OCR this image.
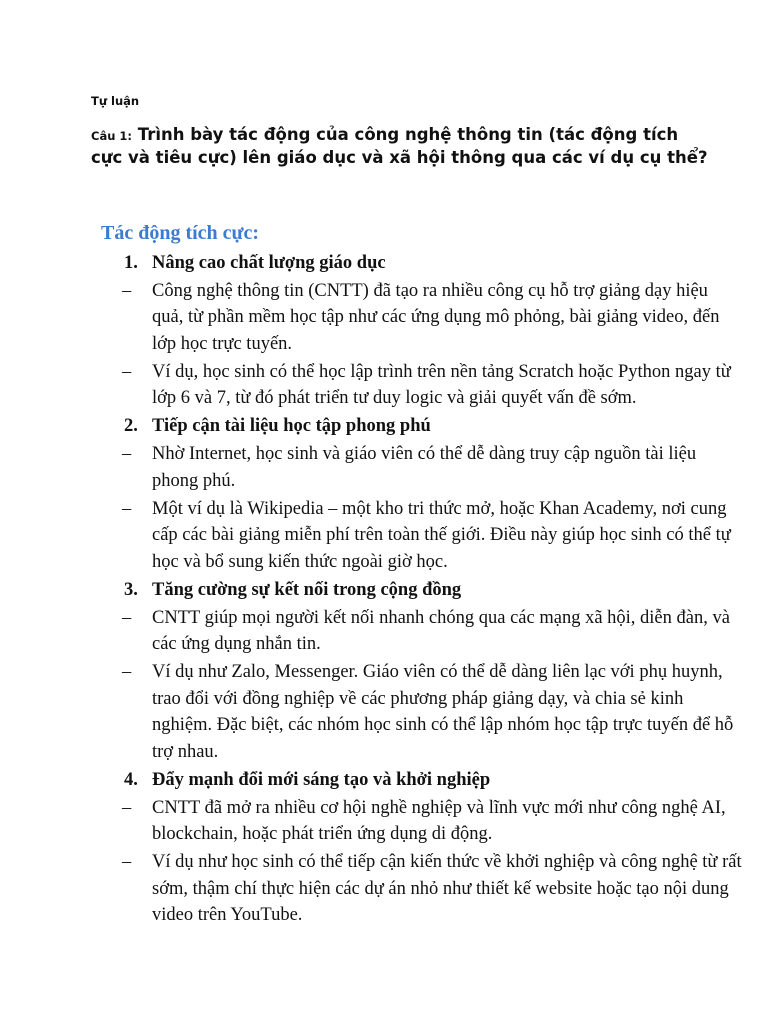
Tự luận
Câu 1: Trình bày tác động của công nghệ thông tin (tác động tích cực và tiêu cực) lên giáo dục và xã hội thông qua các ví dụ cụ thể?
Tác động tích cực:
1. Nâng cao chất lượng giáo dục
–	Công nghệ thông tin (CNTT) đã tạo ra nhiều công cụ hỗ trợ giảng dạy hiệu quả, từ phần mềm học tập như các ứng dụng mô phỏng, bài giảng video, đến lớp học trực tuyến.
–	Ví dụ, học sinh có thể học lập trình trên nền tảng Scratch hoặc Python ngay từ lớp 6 và 7, từ đó phát triển tư duy logic và giải quyết vấn đề sớm.
2. Tiếp cận tài liệu học tập phong phú
–	Nhờ Internet, học sinh và giáo viên có thể dễ dàng truy cập nguồn tài liệu phong phú.
–	Một ví dụ là Wikipedia – một kho tri thức mở, hoặc Khan Academy, nơi cung cấp các bài giảng miễn phí trên toàn thế giới. Điều này giúp học sinh có thể tự học và bổ sung kiến thức ngoài giờ học.
3. Tăng cường sự kết nối trong cộng đồng
–	CNTT giúp mọi người kết nối nhanh chóng qua các mạng xã hội, diễn đàn, và các ứng dụng nhắn tin.
–	Ví dụ như Zalo, Messenger. Giáo viên có thể dễ dàng liên lạc với phụ huynh, trao đổi với đồng nghiệp về các phương pháp giảng dạy, và chia sẻ kinh nghiệm. Đặc biệt, các nhóm học sinh có thể lập nhóm học tập trực tuyến để hỗ trợ nhau.
4. Đẩy mạnh đổi mới sáng tạo và khởi nghiệp
–	CNTT đã mở ra nhiều cơ hội nghề nghiệp và lĩnh vực mới như công nghệ AI, blockchain, hoặc phát triển ứng dụng di động.
–	Ví dụ như học sinh có thể tiếp cận kiến thức về khởi nghiệp và công nghệ từ rất sớm, thậm chí thực hiện các dự án nhỏ như thiết kế website hoặc tạo nội dung video trên YouTube.
